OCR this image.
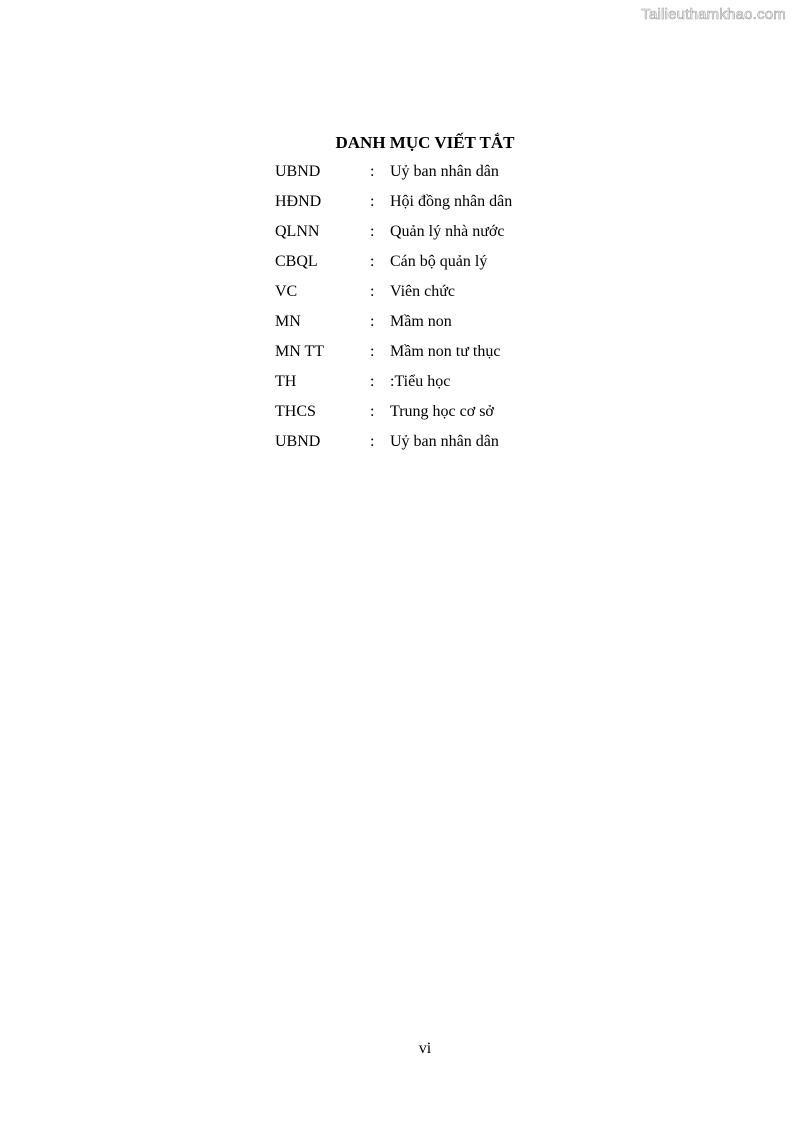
Tailieuthamkhao.com
DANH MỤC VIẾT TẮT
UBND	: Uỷ ban nhân dân
HĐND	: Hội đồng nhân dân
QLNN	: Quản lý nhà nước
CBQL	: Cán bộ quản lý
VC	: Viên chức
MN	: Mầm non
MN TT	: Mầm non tư thục
TH	: :Tiểu học
THCS	: Trung học cơ sở
UBND	: Uỷ ban nhân dân
vi
